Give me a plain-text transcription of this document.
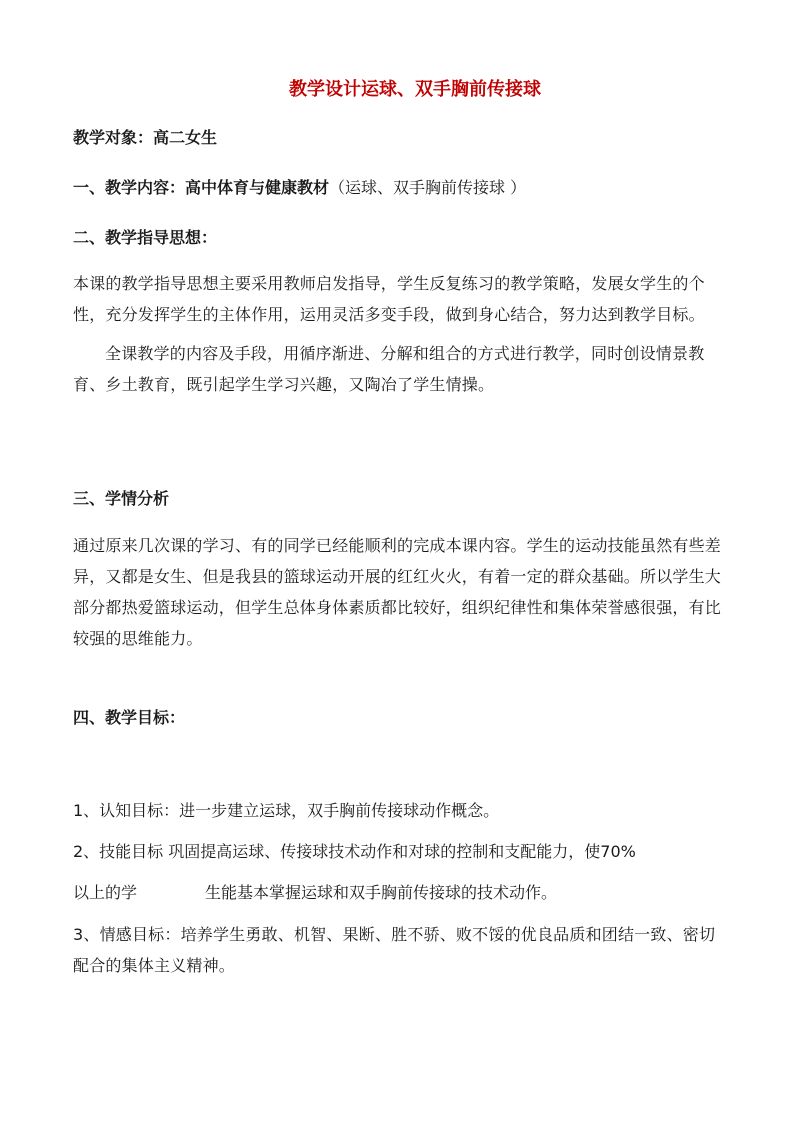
教学设计运球、双手胸前传接球
教学对象：高二女生
一、教学内容：高中体育与健康教材（运球、双手胸前传接球 ）
二、教学指导思想：

本课的教学指导思想主要采用教师启发指导，学生反复练习的教学策略，发展女学生的个性，充分发挥学生的主体作用，运用灵活多变手段，做到身心结合，努力达到教学目标。

全课教学的内容及手段，用循序渐进、分解和组合的方式进行教学，同时创设情景教育、乡土教育，既引起学生学习兴趣，又陶冶了学生情操。

三、学情分析

通过原来几次课的学习、有的同学已经能顺利的完成本课内容。学生的运动技能虽然有些差异，又都是女生、但是我县的篮球运动开展的红红火火，有着一定的群众基础。所以学生大部分都热爱篮球运动，但学生总体身体素质都比较好，组织纪律性和集体荣誉感很强，有比较强的思维能力。

四、教学目标：
1、认知目标：进一步建立运球，双手胸前传接球动作概念。
2、技能目标 巩固提高运球、传接球技术动作和对球的控制和支配能力，使70%
以上的学	生能基本掌握运球和双手胸前传接球的技术动作。

3、情感目标：培养学生勇敢、机智、果断、胜不骄、败不馁的优良品质和团结一致、密切配合的集体主义精神。
